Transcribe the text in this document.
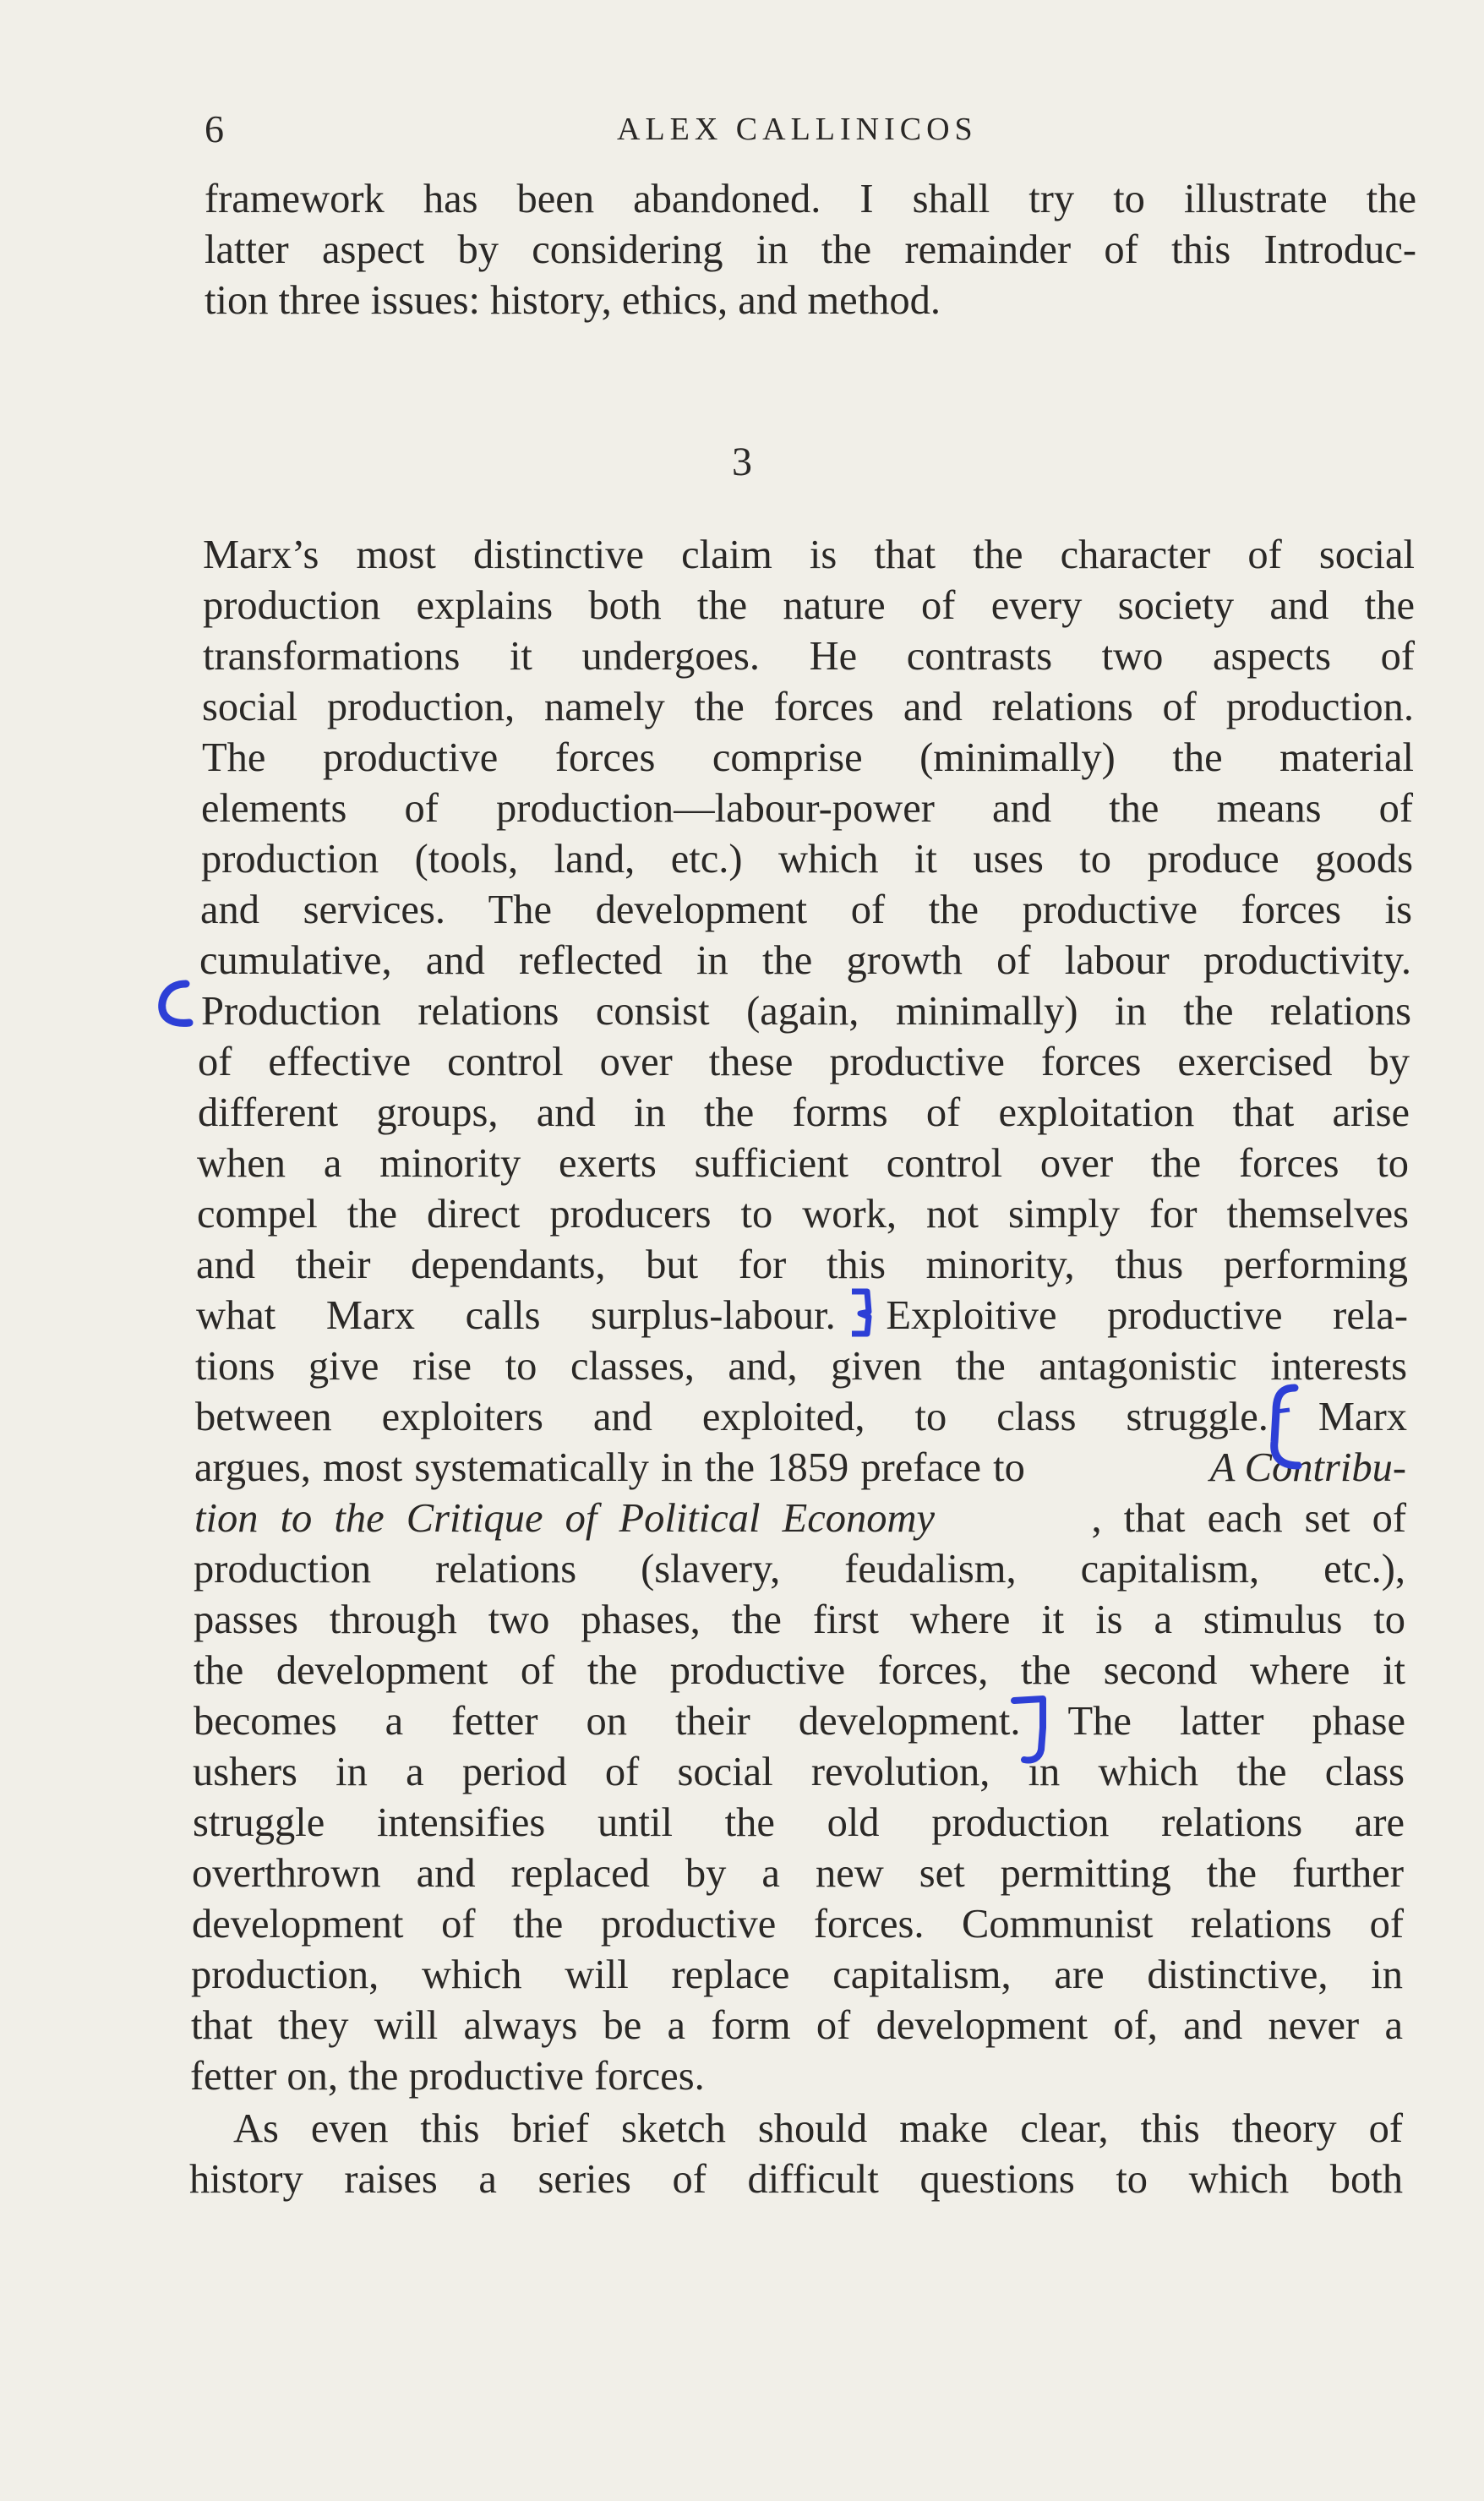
6	ALEX CALLINICOS

framework has been abandoned. I shall try to illustrate the

latter aspect by considering in the remainder of this Introduc-

tion three issues: history, ethics, and method.

3

Marx’s most distinctive claim is that the character of social

production explains both the nature of every society and the

transformations it undergoes. He contrasts two aspects of

social production, namely the forces and relations of production.

The productive forces comprise (minimally) the material

elements of production—labour-power and the means of

production (tools, land, etc.) which it uses to produce goods

and services. The development of the productive forces is

cumulative, and reflected in the growth of labour productivity.

Production relations consist (again, minimally) in the relations

of effective control over these productive forces exercised by

different groups, and in the forms of exploitation that arise

when a minority exerts sufficient control over the forces to

compel the direct producers to work, not simply for themselves

and their dependants, but for this minority, thus performing

what Marx calls surplus-labour. Exploitive productive rela-

tions give rise to classes, and, given the antagonistic interests

between exploiters and exploited, to class struggle. Marx

argues, most systematically in the 1859 preface to	A Contribu-

tion to the Critique of Political Economy	, that each set of

production relations (slavery, feudalism, capitalism, etc.),

passes through two phases, the first where it is a stimulus to

the development of the productive forces, the second where it

becomes a fetter on their development. The latter phase

ushers in a period of social revolution, in which the class

struggle intensifies until the old production relations are

overthrown and replaced by a new set permitting the further

development of the productive forces. Communist relations of

production, which will replace capitalism, are distinctive, in

that they will always be a form of development of, and never a

fetter on, the productive forces.

As even this brief sketch should make clear, this theory of

history raises a series of difficult questions to which both
